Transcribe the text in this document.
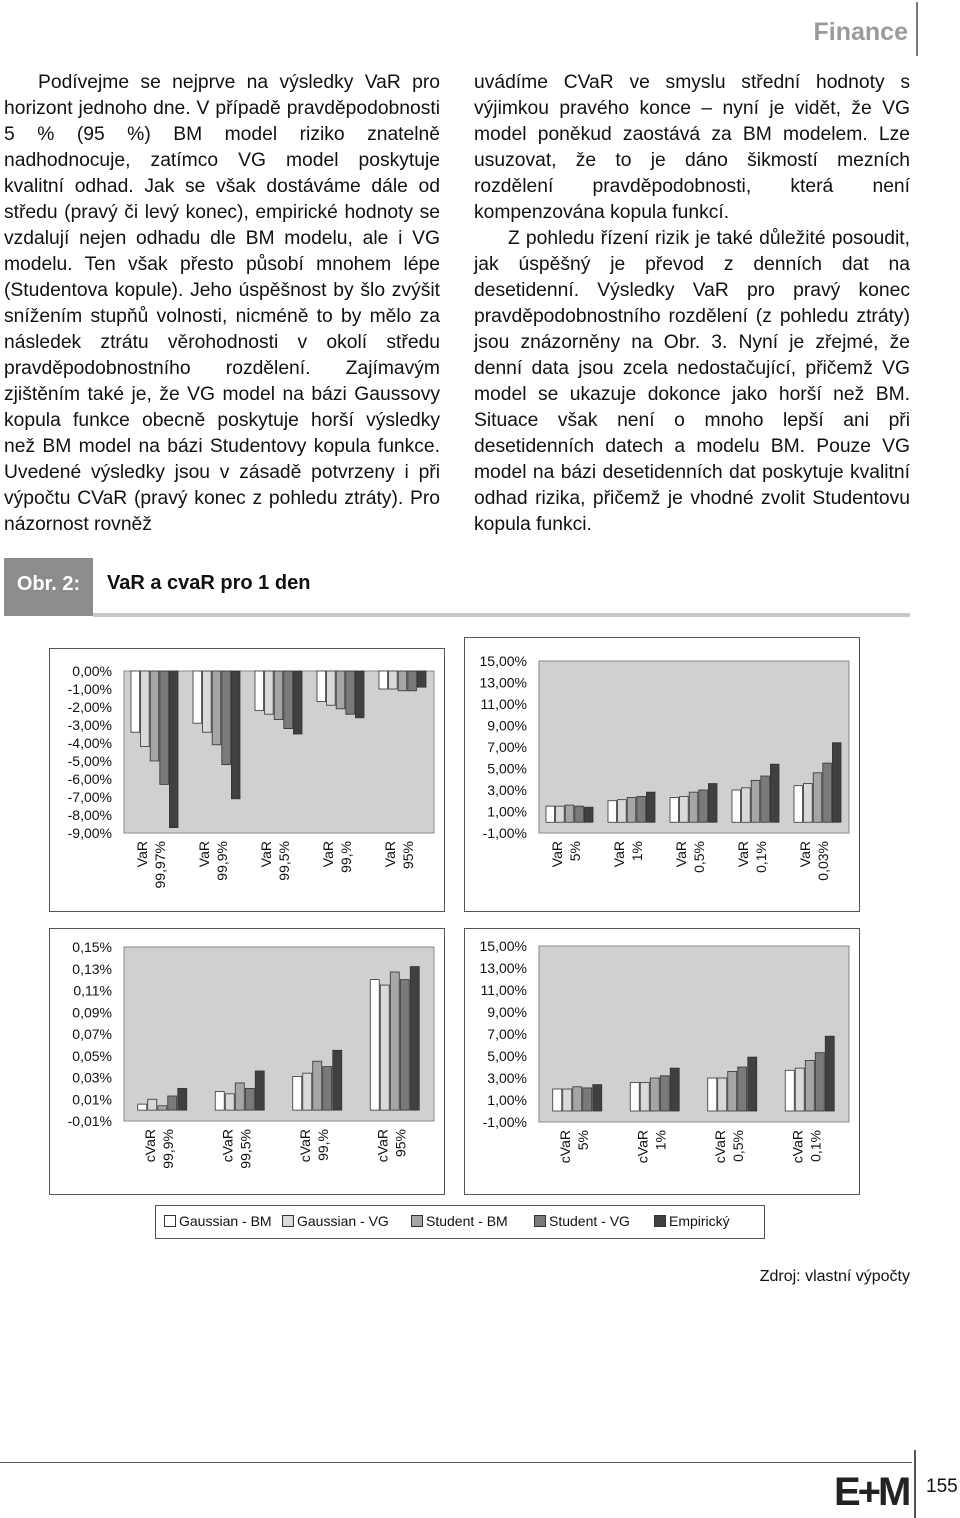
Finance

Podívejme se nejprve na výsledky VaR pro horizont jednoho dne. V případě pravděpodobnosti 5 % (95 %) BM model riziko znatelně nadhodnocuje, zatímco VG model poskytuje kvalitní odhad. Jak se však dostáváme dále od středu (pravý či levý konec), empirické hodnoty se vzdalují nejen odhadu dle BM modelu, ale i VG modelu. Ten však přesto působí mnohem lépe (Studentova kopule). Jeho úspěšnost by šlo zvýšit snížením stupňů volnosti, nicméně to by mělo za následek ztrátu věrohodnosti v okolí středu pravděpodobnostního rozdělení. Zajímavým zjištěním také je, že VG model na bázi Gaussovy kopula funkce obecně poskytuje horší výsledky než BM model na bázi Studentovy kopula funkce. Uvedené výsledky jsou v zásadě potvrzeny i při výpočtu CVaR (pravý konec z pohledu ztráty). Pro názornost rovněž

uvádíme CVaR ve smyslu střední hodnoty s výjimkou pravého konce – nyní je vidět, že VG model poněkud zaostává za BM modelem. Lze usuzovat, že to je dáno šikmostí mezních rozdělení pravděpodobnosti, která není kompenzována kopula funkcí.

Z pohledu řízení rizik je také důležité posoudit, jak úspěšný je převod z denních dat na desetidenní. Výsledky VaR pro pravý konec pravděpodobnostního rozdělení (z pohledu ztráty) jsou znázorněny na Obr. 3. Nyní je zřejmé, že denní data jsou zcela nedostačující, přičemž VG model se ukazuje dokonce jako horší než BM. Situace však není o mnoho lepší ani při desetidenních datech a modelu BM. Pouze VG model na bázi desetidenních dat poskytuje kvalitní odhad rizika, přičemž je vhodné zvolit Studentovu kopula funkci.

Obr. 2:	VaR a cvaR pro 1 den
0,00%
-1,00%
-2,00%
-3,00%
-4,00%
-5,00%
-6,00%
-7,00%
-8,00%
-9,00%
VaR 99,97% VaR 99,9% VaR 99,5% VaR 99,% VaR 95%
15,00%
13,00%
11,00%
9,00%
7,00%
5,00%
3,00%
1,00%
-1,00%
VaR 5% VaR 1% VaR 0,5% VaR 0,1% VaR 0,03%
0,15%
0,13%
0,11%
0,09%
0,07%
0,05%
0,03%
0,01%
-0,01%
cVaR 99,9%	cVaR 99,5%	cVaR 99,%	cVaR 95%
15,00%
13,00%
11,00%
9,00%
7,00%
5,00%
3,00%
1,00%
-1,00%
cVaR 5%	cVaR 1%	cVaR 0,5%	cVaR 0,1%
Gaussian - BM	Gaussian - VG	Student - BM	Student - VG	Empirický
Zdroj: vlastní výpočty
E+M 155
